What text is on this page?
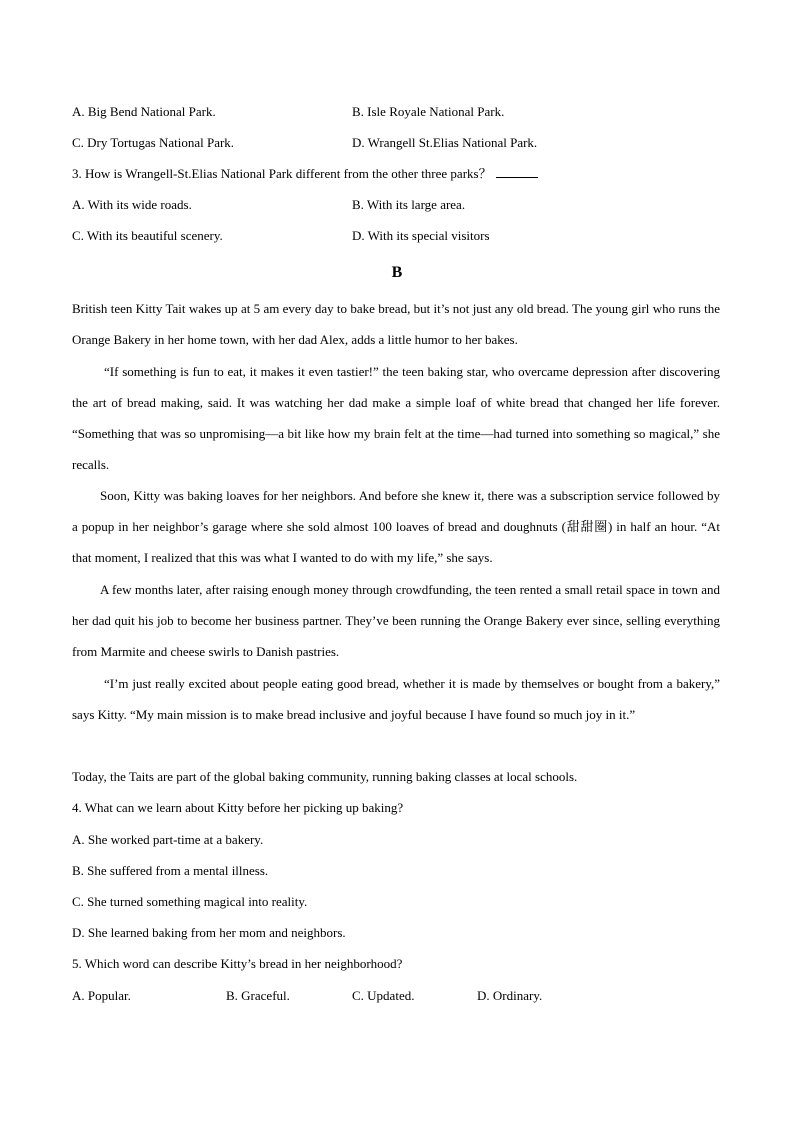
A. Big Bend National Park.	B. Isle Royale National Park.
C. Dry Tortugas National Park.	D. Wrangell St.Elias National Park.
3. How is Wrangell-St.Elias National Park different from the other three parks？
A. With its wide roads.	B. With its large area.
C. With its beautiful scenery.	D. With its special visitors
B
British teen Kitty Tait wakes up at 5 am every day to bake bread, but it’s not just any old bread. The young girl who runs the Orange Bakery in her home town, with her dad Alex, adds a little humor to her bakes.
“If something is fun to eat, it makes it even tastier!” the teen baking star, who overcame depression after discovering the art of bread making, said. It was watching her dad make a simple loaf of white bread that changed her life forever. “Something that was so unpromising—a bit like how my brain felt at the time—had turned into something so magical,” she recalls.
Soon, Kitty was baking loaves for her neighbors. And before she knew it, there was a subscription service followed by a popup in her neighbor’s garage where she sold almost 100 loaves of bread and doughnuts (甜甜圈) in half an hour. “At that moment, I realized that this was what I wanted to do with my life,” she says.
A few months later, after raising enough money through crowdfunding, the teen rented a small retail space in town and her dad quit his job to become her business partner. They’ve been running the Orange Bakery ever since, selling everything from Marmite and cheese swirls to Danish pastries.
“I’m just really excited about people eating good bread, whether it is made by themselves or bought from a bakery,” says Kitty. “My main mission is to make bread inclusive and joyful because I have found so much joy in it.”
Today, the Taits are part of the global baking community, running baking classes at local schools.
4. What can we learn about Kitty before her picking up baking?
A. She worked part-time at a bakery.
B. She suffered from a mental illness.
C. She turned something magical into reality.
D. She learned baking from her mom and neighbors.
5. Which word can describe Kitty’s bread in her neighborhood?
A. Popular.	B. Graceful.	C. Updated.	D. Ordinary.
